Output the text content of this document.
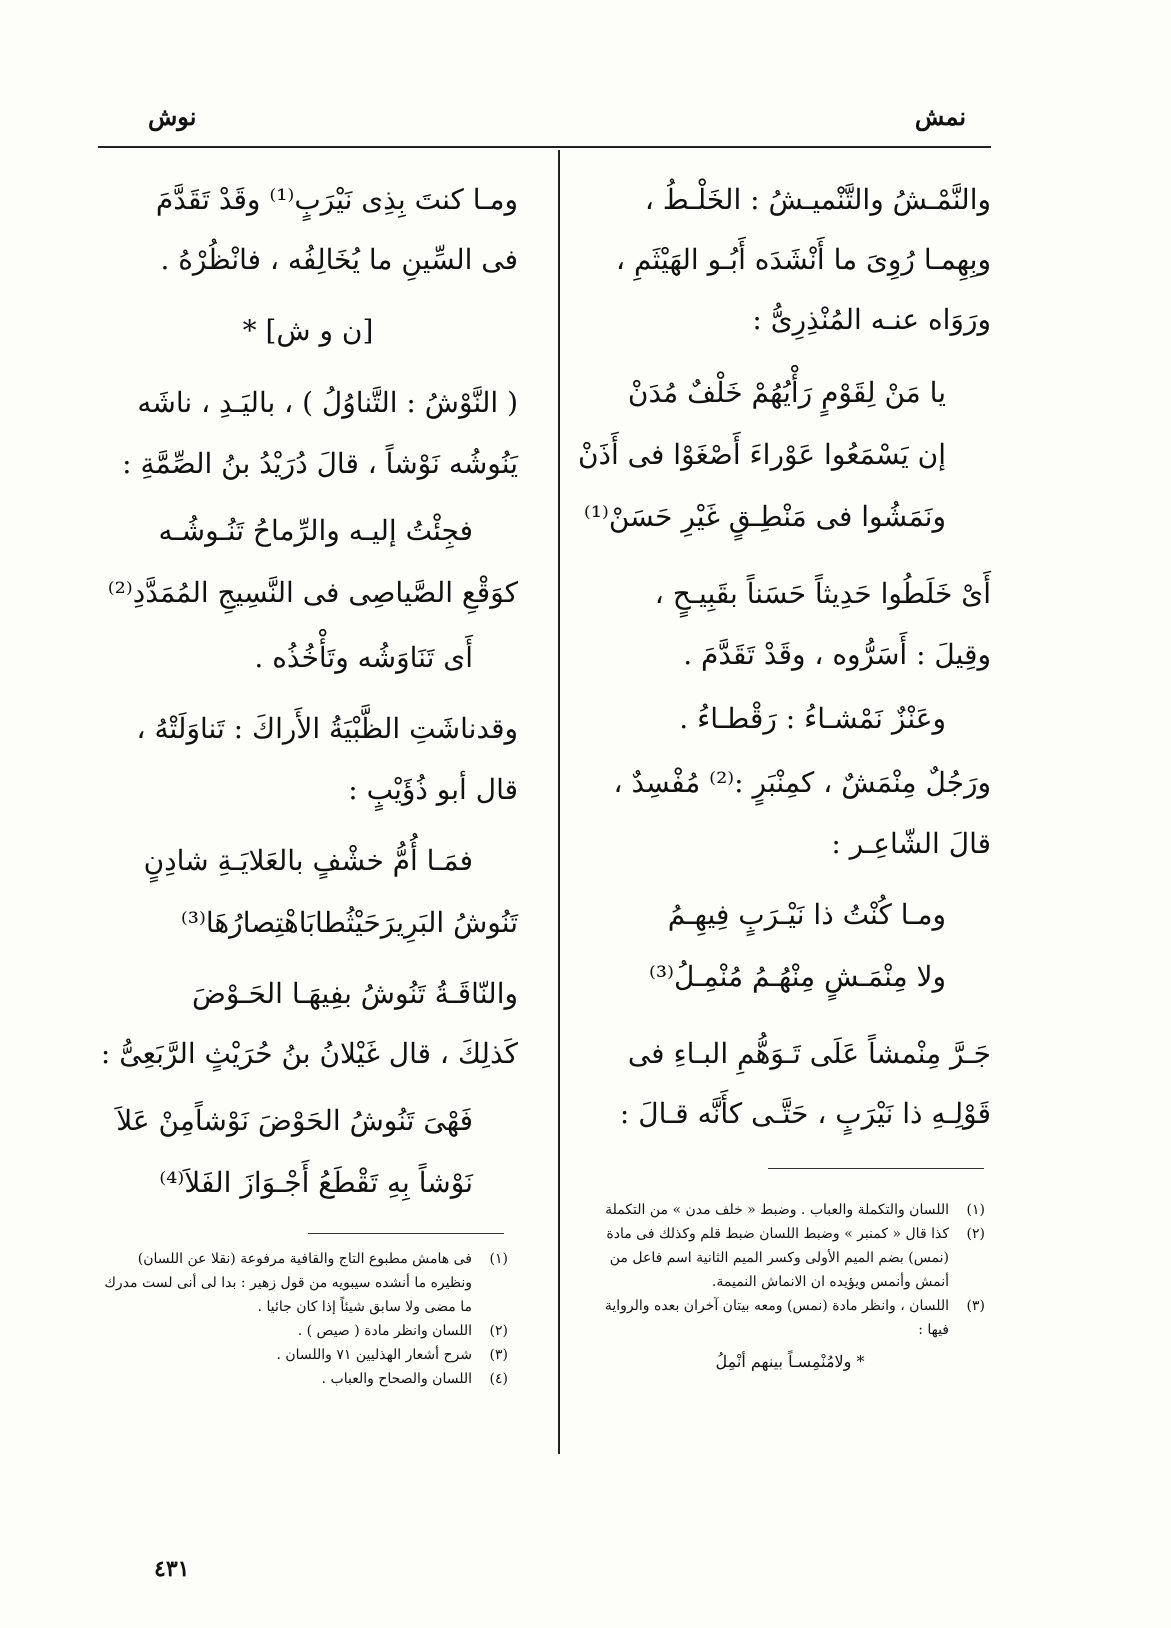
نمش
نوش
والنَّمْـشُ والتَّنْميـشُ : الخَلْـطُ ،
وبِهِمـا رُوِىَ ما أَنْشَدَه أَبُـو الهَيْثَمِ ،
ورَوَاه عنـه المُنْذِرِىُّ :
يا مَنْ لِقَوْمٍ رَأْيُهُمْ خَلْفٌ مُدَنْ
إن يَسْمَعُوا عَوْراءَ أَصْغَوْا فى أَذَنْ
ونَمَشُوا فى مَنْطِـقٍ غَيْرِ حَسَنْ⁽¹⁾
أَىْ خَلَطُوا حَدِيثاً حَسَناً بقَبِيـحٍ ،
وقِيلَ : أَسَرُّوه ، وقَدْ تَقَدَّمَ .
وعَنْزٌ نَمْشـاءُ : رَقْطـاءُ .
ورَجُلٌ مِنْمَشٌ ، كمِنْبَرٍ :⁽²⁾ مُفْسِدٌ ،
قالَ الشّاعِـر :
ومـا كُنْتُ ذا نَيْـرَبٍ فِيهِـمُ
ولا مِنْمَـشٍ مِنْهُـمُ مُنْمِـلُ⁽³⁾
جَـرَّ مِنْمشاً عَلَى تَـوَهُّمِ البـاءِ فى
قَوْلِـهِ ذا نَيْرَبٍ ، حَتَّـى كأَنَّه قـالَ :
ومـا كنتَ بِذِى نَيْرَبٍ⁽¹⁾ وقَدْ تَقَدَّمَ
فى السِّينِ ما يُخَالِفُه ، فانْظُرْهُ .
[ن و ش] *
( النَّوْشُ : التَّناوُلُ ) ، باليَـدِ ، ناشَه
يَنُوشُه نَوْشاً ، قالَ دُرَيْدُ بنُ الصِّمَّةِ :
فجِئْتُ إليـه والرِّماحُ تَنُـوشُـه
كوَقْعِ الصَّياصِى فى النَّسِيجِ المُمَدَّدِ⁽²⁾
أَى تَنَاوَشُه وتَأْخُذُه .
وقدناشَتِ الظَّبْيَةُ الأَراكَ : تَناوَلَتْهُ ،
قال أبو ذُؤَيْبٍ :
فمَـا أُمُّ خشْفٍ بالعَلايَـةِ شادِنٍ
تَنُوشُ البَرِيرَحَيْثُطابَاهْتِصارُهَا⁽³⁾
والنّاقَـةُ تَنُوشُ بفِيهَـا الحَـوْضَ
كَذلِكَ ، قال غَيْلانُ بنُ حُرَيْثٍ الرَّبَعِىُّ :
فَهْىَ تَنُوشُ الحَوْضَ نَوْشاًمِنْ عَلاَ
نَوْشاً بِهِ تَقْطَعُ أَجْـوَازَ الفَلاَ⁽⁴⁾
(١)
اللسان والتكملة والعباب . وضبط « خلف مدن » من التكملة
(٢)
كذا قال « كمنبر » وضبط اللسان ضبط قلم وكذلك فى مادة (نمس) بضم الميم الأولى وكسر الميم الثانية اسم فاعل من أنمش وأنمس ويؤيده ان الانماش النميمة.
(٣)
اللسان ، وانظر مادة (نمس) ومعه بيتان آخران بعده والرواية فيها :
* ولامُنْمِسـاً بينهم أنْمِلُ
(١)
فى هامش مطبوع التاج والقافية مرفوعة (نقلا عن اللسان) ونظيره ما أنشده سيبويه من قول زهير : بدا لى أنى لست مدرك ما مضى ولا سابق شيئاً إذا كان جائيا .
(٢)
اللسان وانظر مادة ( صيص ) .
(٣)
شرح أشعار الهذليين ٧١ واللسان .
(٤)
اللسان والصحاح والعباب .
٤٣١
